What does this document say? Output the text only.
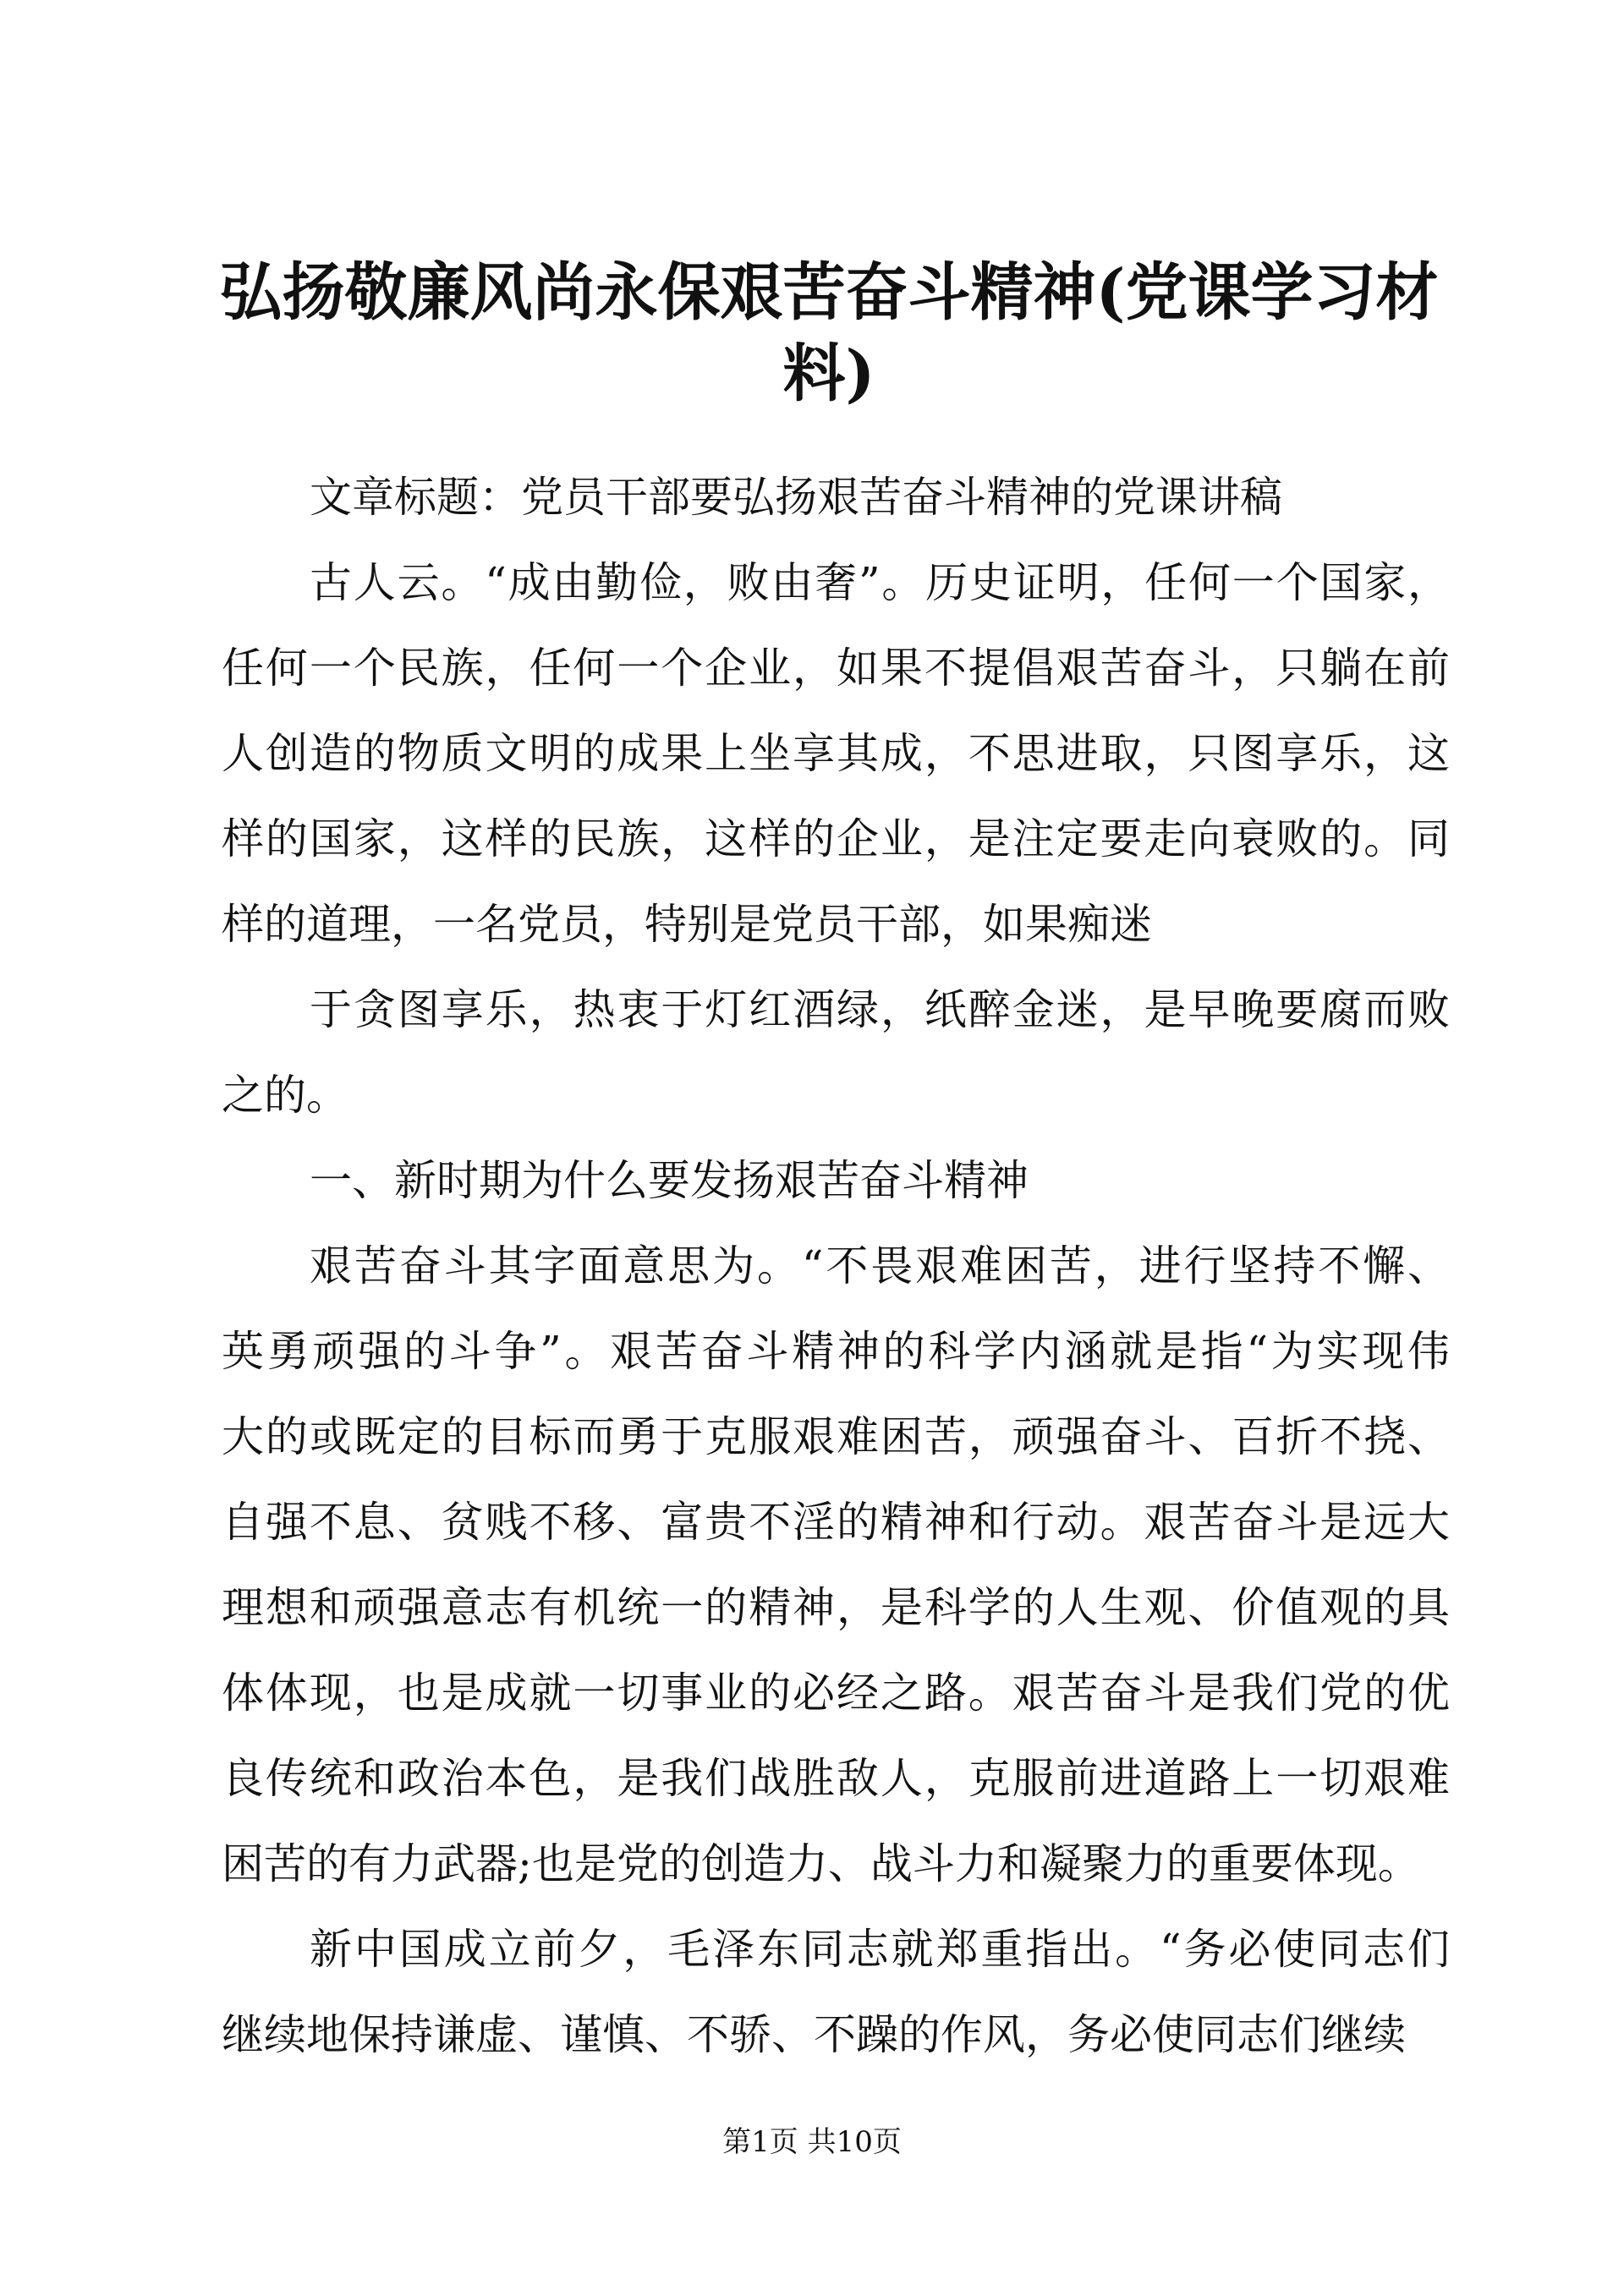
弘扬敬廉风尚永保艰苦奋斗精神(党课学习材
料)
文章标题：党员干部要弘扬艰苦奋斗精神的党课讲稿
古人云。“成由勤俭，败由奢”。历史证明，任何一个国家，
任何一个民族，任何一个企业，如果不提倡艰苦奋斗，只躺在前
人创造的物质文明的成果上坐享其成，不思进取，只图享乐，这
样的国家，这样的民族，这样的企业，是注定要走向衰败的。同
样的道理，一名党员，特别是党员干部，如果痴迷
于贪图享乐，热衷于灯红酒绿，纸醉金迷，是早晚要腐而败
之的。
一、新时期为什么要发扬艰苦奋斗精神
艰苦奋斗其字面意思为。“不畏艰难困苦，进行坚持不懈、
英勇顽强的斗争”。艰苦奋斗精神的科学内涵就是指“为实现伟
大的或既定的目标而勇于克服艰难困苦，顽强奋斗、百折不挠、
自强不息、贫贱不移、富贵不淫的精神和行动。艰苦奋斗是远大
理想和顽强意志有机统一的精神，是科学的人生观、价值观的具
体体现，也是成就一切事业的必经之路。艰苦奋斗是我们党的优
良传统和政治本色，是我们战胜敌人，克服前进道路上一切艰难
困苦的有力武器;也是党的创造力、战斗力和凝聚力的重要体现。
新中国成立前夕，毛泽东同志就郑重指出。“务必使同志们
继续地保持谦虚、谨慎、不骄、不躁的作风，务必使同志们继续
第1页 共10页
